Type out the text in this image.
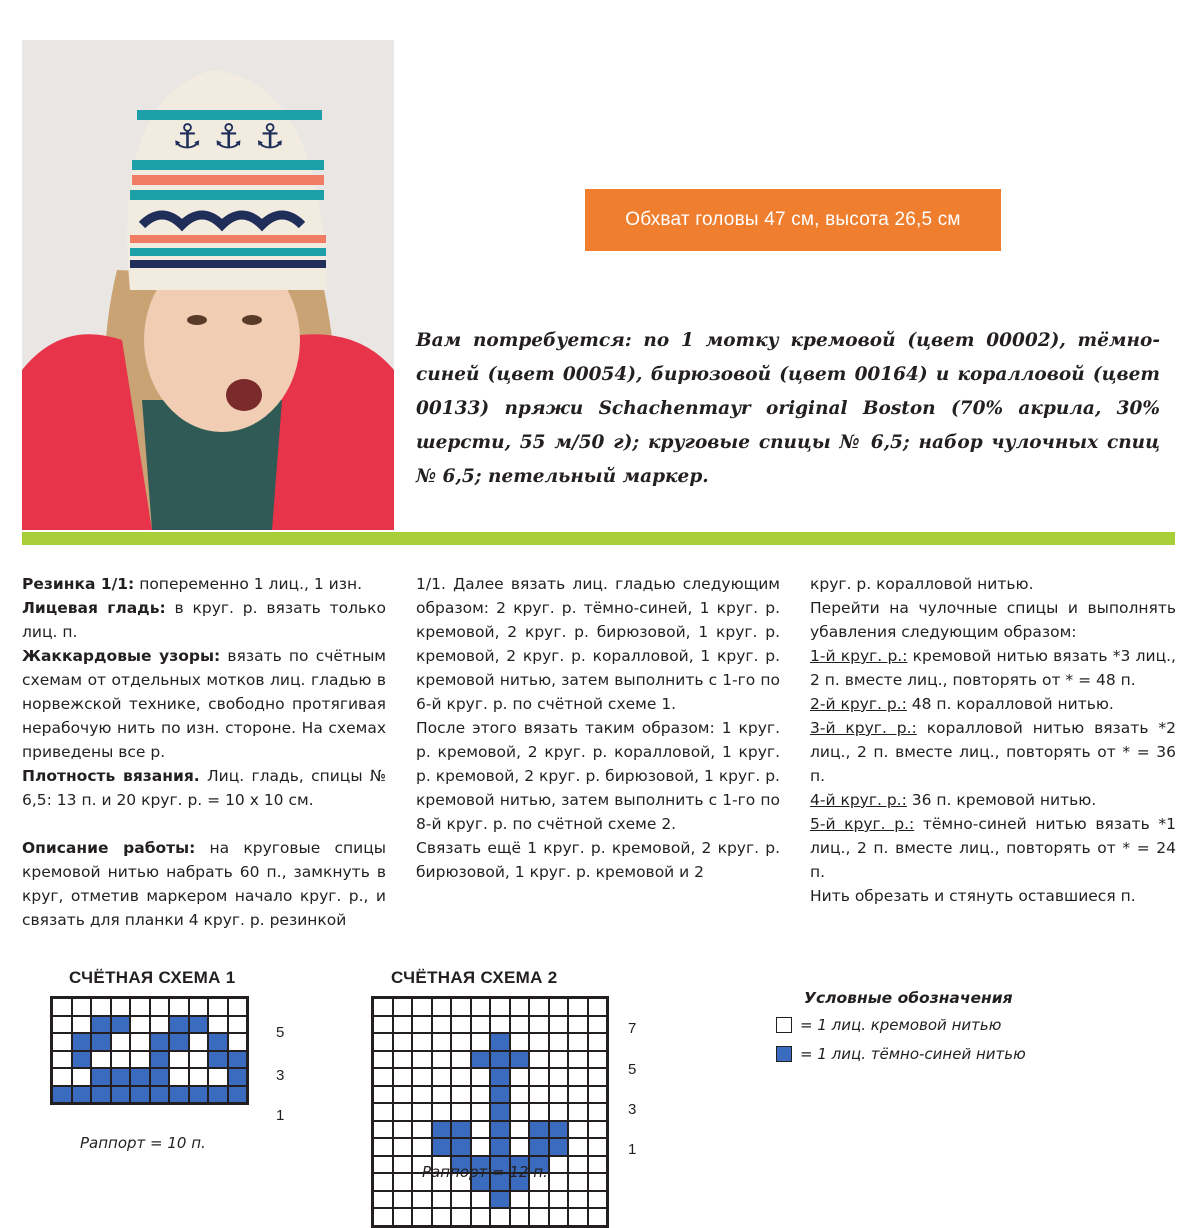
⚓ ⚓ ⚓
Обхват головы 47 см, высота 26,5 см
Вам потребуется: по 1 мотку кремовой (цвет 00002), тёмно-синей (цвет 00054), бирюзовой (цвет 00164) и коралловой (цвет 00133) пряжи Schachenmayr original Boston (70% акрила, 30% шерсти, 55 м/50 г); круговые спицы № 6,5; набор чулочных спиц № 6,5; петельный маркер.

Резинка 1/1: попеременно 1 лиц., 1 изн.

Лицевая гладь: в круг. р. вязать только лиц. п.

Жаккардовые узоры: вязать по счётным схемам от отдельных мотков лиц. гладью в норвежской технике, свободно протягивая нерабочую нить по изн. стороне. На схемах приведены все р.

Плотность вязания. Лиц. гладь, спицы № 6,5: 13 п. и 20 круг. р. = 10 х 10 см.

Описание работы: на круговые спицы кремовой нитью набрать 60 п., замкнуть в круг, отметив маркером начало круг. р., и связать для планки 4 круг. р. резинкой

1/1. Далее вязать лиц. гладью следующим образом: 2 круг. р. тёмно-синей, 1 круг. р. кремовой, 2 круг. р. бирюзовой, 1 круг. р. кремовой, 2 круг. р. коралловой, 1 круг. р. кремовой нитью, затем выполнить с 1-го по 6-й круг. р. по счётной схеме 1.

После этого вязать таким образом: 1 круг. р. кремовой, 2 круг. р. коралловой, 1 круг. р. кремовой, 2 круг. р. бирюзовой, 1 круг. р. кремовой нитью, затем выполнить с 1-го по 8-й круг. р. по счётной схеме 2.

Связать ещё 1 круг. р. кремовой, 2 круг. р. бирюзовой, 1 круг. р. кремовой и 2

круг. р. коралловой нитью.

Перейти на чулочные спицы и выполнять убавления следующим образом:

1-й круг. р.: кремовой нитью вязать *3 лиц., 2 п. вместе лиц., повторять от * = 48 п.

2-й круг. р.: 48 п. коралловой нитью.

3-й круг. р.: коралловой нитью вязать *2 лиц., 2 п. вместе лиц., повторять от * = 36 п.

4-й круг. р.: 36 п. кремовой нитью.

5-й круг. р.: тёмно-синей нитью вязать *1 лиц., 2 п. вместе лиц., повторять от * = 24 п.

Нить обрезать и стянуть оставшиеся п.

СЧЁТНАЯ СХЕМА 1
5
3
1
Раппорт = 10 п.
СЧЁТНАЯ СХЕМА 2
7
5
3
1
Раппорт = 12 п.
Условные обозначения
= 1 лиц. кремовой нитью
= 1 лиц. тёмно-синей нитью
